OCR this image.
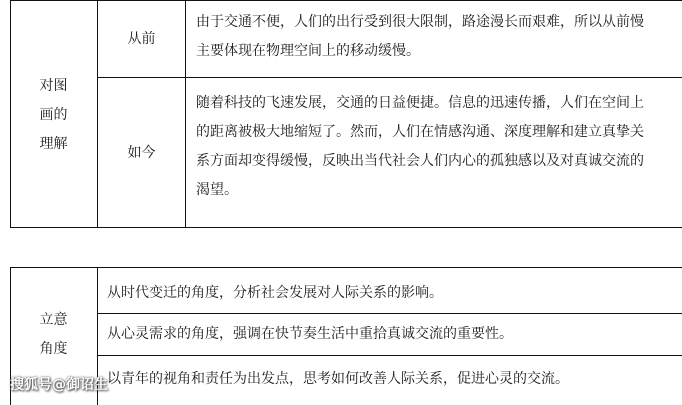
对图
画的
理解
从前
由于交通不便，人们的出行受到很大限制，路途漫长而艰难，所以从前慢
主要体现在物理空间上的移动缓慢。
如今
随着科技的飞速发展，交通的日益便捷。信息的迅速传播，人们在空间上
的距离被极大地缩短了。然而，人们在情感沟通、深度理解和建立真挚关
系方面却变得缓慢，反映出当代社会人们内心的孤独感以及对真诚交流的
渴望。
立意
角度
从时代变迁的角度，分析社会发展对人际关系的影响。
从心灵需求的角度，强调在快节奏生活中重拾真诚交流的重要性。
以青年的视角和责任为出发点，思考如何改善人际关系，促进心灵的交流。
搜狐号@御诏生
